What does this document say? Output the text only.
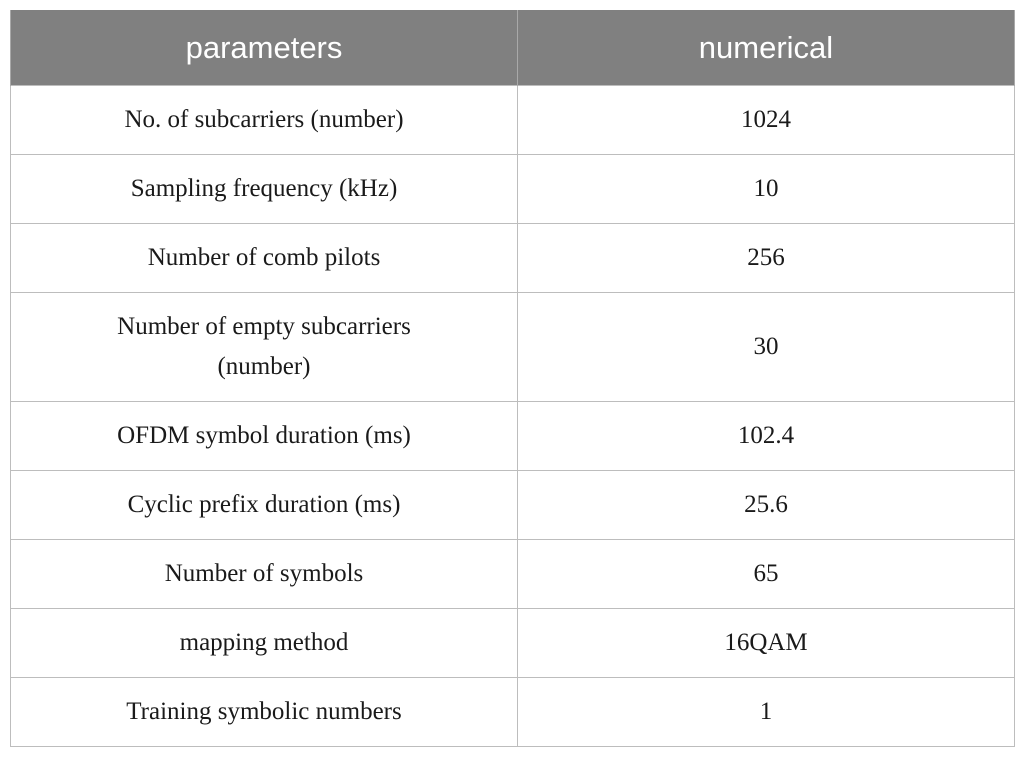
parameters	numerical
No. of subcarriers (number)	1024
Sampling frequency (kHz)	10
Number of comb pilots	256
Number of empty subcarriers (number)	30
OFDM symbol duration (ms)	102.4
Cyclic prefix duration (ms)	25.6
Number of symbols	65
mapping method	16QAM
Training symbolic numbers	1
